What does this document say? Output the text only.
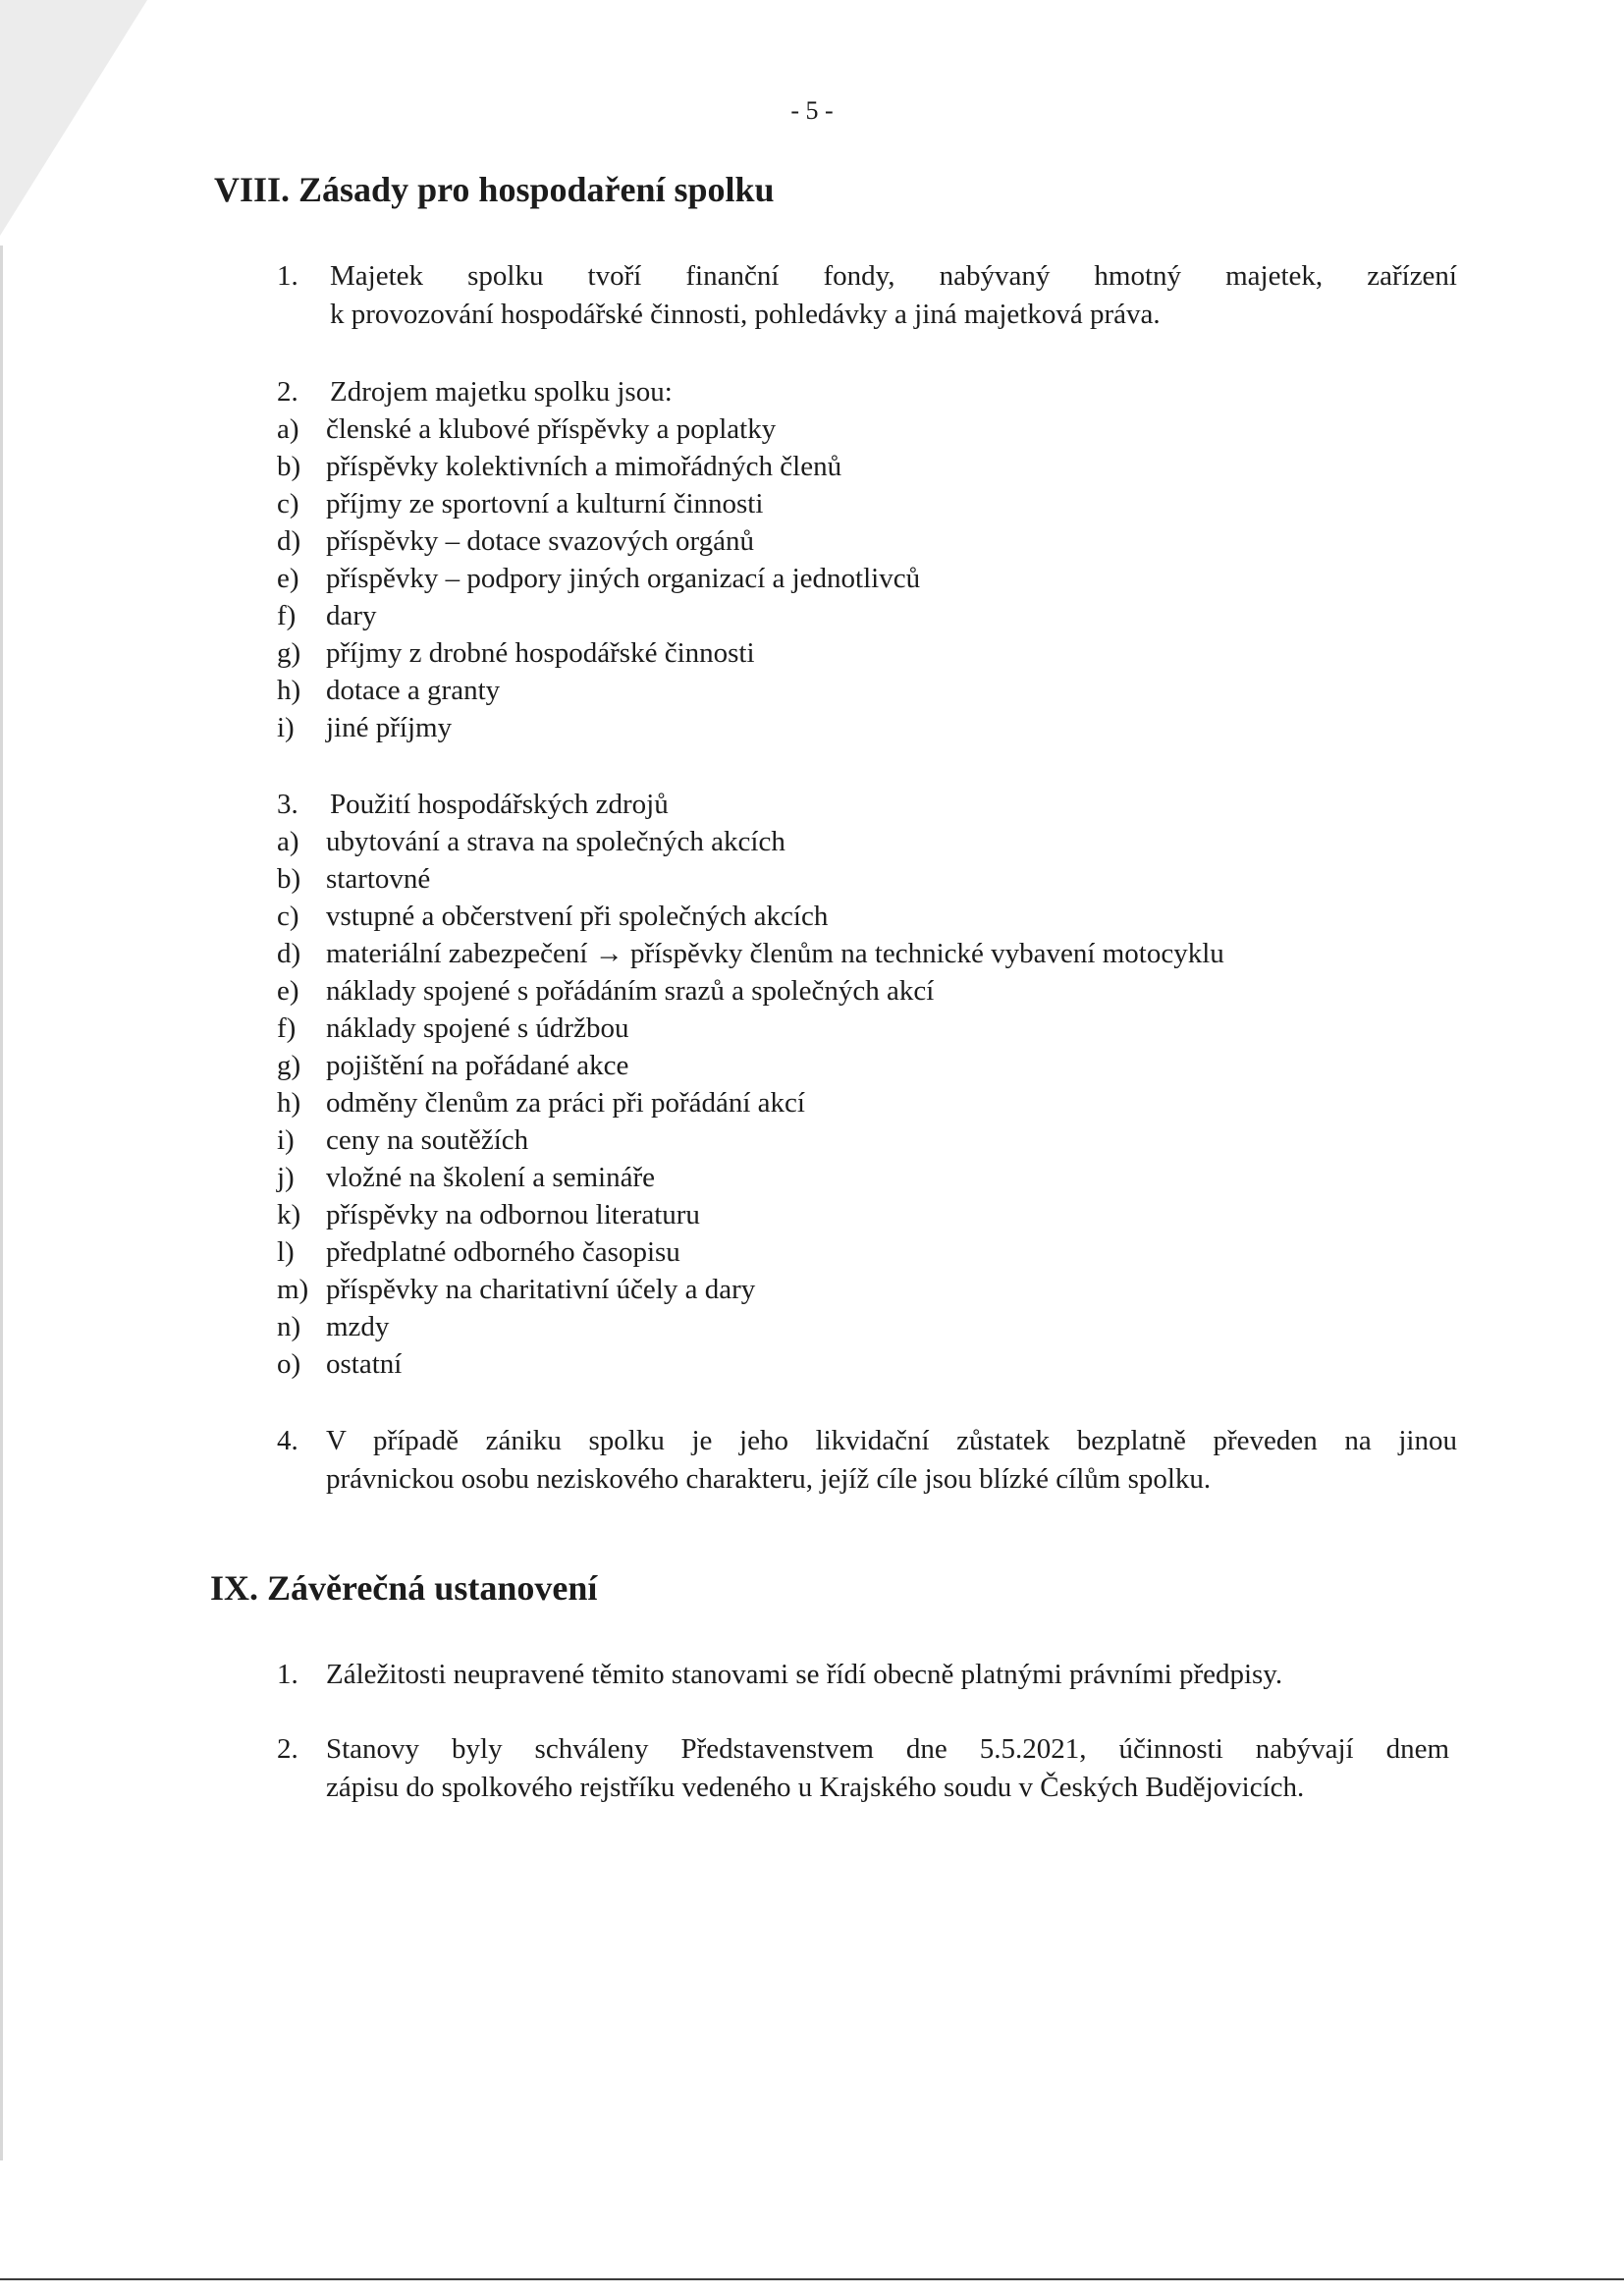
- 5 -
VIII. Zásady pro hospodaření spolku
1. Majetek spolku tvoří finanční fondy, nabývaný hmotný majetek, zařízení
k provozování hospodářské činnosti, pohledávky a jiná majetková práva.
2. Zdrojem majetku spolku jsou:
a) členské a klubové příspěvky a poplatky
b) příspěvky kolektivních a mimořádných členů
c) příjmy ze sportovní a kulturní činnosti
d) příspěvky – dotace svazových orgánů
e) příspěvky – podpory jiných organizací a jednotlivců
f) dary
g) příjmy z drobné hospodářské činnosti
h) dotace a granty
i) jiné příjmy
3. Použití hospodářských zdrojů
a) ubytování a strava na společných akcích
b) startovné
c) vstupné a občerstvení při společných akcích
d) materiální zabezpečení → příspěvky členům na technické vybavení motocyklu
e) náklady spojené s pořádáním srazů a společných akcí
f) náklady spojené s údržbou
g) pojištění na pořádané akce
h) odměny členům za práci při pořádání akcí
i) ceny na soutěžích
j) vložné na školení a semináře
k) příspěvky na odbornou literaturu
l) předplatné odborného časopisu
m) příspěvky na charitativní účely a dary
n) mzdy
o) ostatní
4. V případě zániku spolku je jeho likvidační zůstatek bezplatně převeden na jinou
právnickou osobu neziskového charakteru, jejíž cíle jsou blízké cílům spolku.
IX. Závěrečná ustanovení
1. Záležitosti neupravené těmito stanovami se řídí obecně platnými právními předpisy.
2. Stanovy byly schváleny Představenstvem dne 5.5.2021, účinnosti nabývají dnem
zápisu do spolkového rejstříku vedeného u Krajského soudu v Českých Budějovicích.
